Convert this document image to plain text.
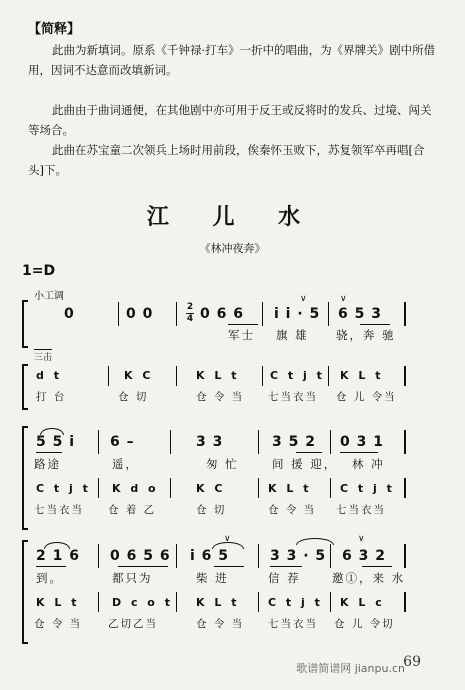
【简释】

此曲为新填词。原系《千钟禄·打车》一折中的唱曲，为《界牌关》剧中所借用，因词不达意而改填新词。

此曲由于曲词通便，在其他剧中亦可用于反王或反将时的发兵、过境、闯关等场合。

此曲在苏宝童二次领兵上场时用前段，俟秦怀玉败下，苏复领军卒再唱[合头]下。

江 儿 水
《林冲夜奔》
1=D
小工调
2
4
0	0 0	0 6 6 i i · 5 6 5 3
∨	∨
军士 旗 雄 骁，奔 驰
三击
d t	K C	K L t	C t j t K L t
打 台	仓 切	仓 令 当 七当衣当 仓 儿 令当
5 5 i 6 –	3 3	3 5 2 0 3 1
路途	遥，	匆 忙	间 援 迎， 林 冲
C t j t K d o	K C	K L t	C t j t
七当衣当 仓 着 乙	仓 切	仓 令 当 七当衣当
2 1 6 0 6 5 6 i 6 5	3 3 · 5 6 3 2
∨	∨
到。	都只为	柴 进	信 荐	邀①，来 水
K L t	D c o t K L t	C t j t K L c
仓 令 当 乙切乙当	仓 令 当 七当衣当 仓 儿 令切
歌谱简谱网 jianpu.cn
69
